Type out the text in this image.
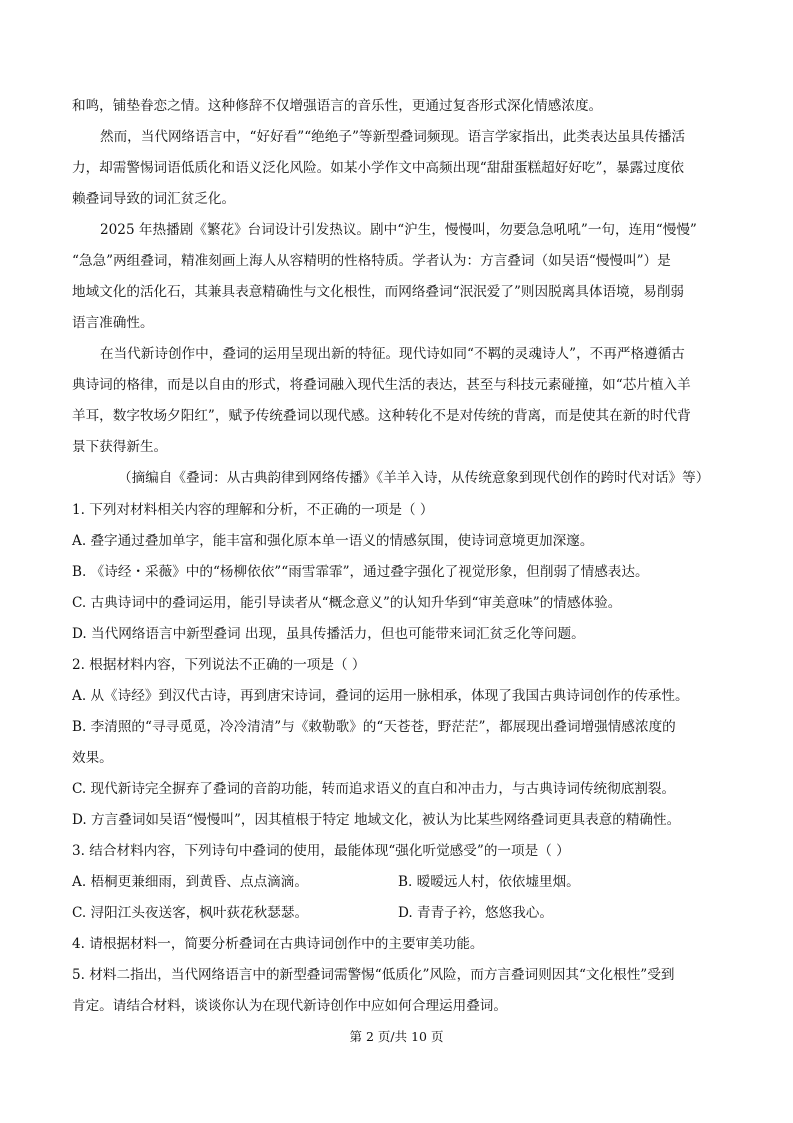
和鸣，铺垫眷恋之情。这种修辞不仅增强语言的音乐性，更通过复沓形式深化情感浓度。
然而，当代网络语言中，“好好看”“绝绝子”等新型叠词频现。语言学家指出，此类表达虽具传播活
力，却需警惕词语低质化和语义泛化风险。如某小学作文中高频出现“甜甜蛋糕超好好吃”，暴露过度依
赖叠词导致的词汇贫乏化。
2025 年热播剧《繁花》台词设计引发热议。剧中“沪生，慢慢叫，勿要急急吼吼”一句，连用“慢慢”
“急急”两组叠词，精准刻画上海人从容精明的性格特质。学者认为：方言叠词（如吴语“慢慢叫”）是
地域文化的活化石，其兼具表意精确性与文化根性，而网络叠词“泯泯爱了”则因脱离具体语境，易削弱
语言准确性。
在当代新诗创作中，叠词的运用呈现出新的特征。现代诗如同“不羁的灵魂诗人”，不再严格遵循古
典诗词的格律，而是以自由的形式，将叠词融入现代生活的表达，甚至与科技元素碰撞，如“芯片植入羊
羊耳，数字牧场夕阳红”，赋予传统叠词以现代感。这种转化不是对传统的背离，而是使其在新的时代背
景下获得新生。
（摘编自《叠词：从古典韵律到网络传播》《羊羊入诗，从传统意象到现代创作的跨时代对话》等）
1. 下列对材料相关内容的理解和分析，不正确的一项是（ ）
A. 叠字通过叠加单字，能丰富和强化原本单一语义的情感氛围，使诗词意境更加深邃。
B. 《诗经・采薇》中的“杨柳依依”“雨雪霏霏”，通过叠字强化了视觉形象，但削弱了情感表达。
C. 古典诗词中的叠词运用，能引导读者从“概念意义”的认知升华到“审美意味”的情感体验。
D. 当代网络语言中新型叠词 出现，虽具传播活力，但也可能带来词汇贫乏化等问题。
2. 根据材料内容，下列说法不正确的一项是（ ）
A. 从《诗经》到汉代古诗，再到唐宋诗词，叠词的运用一脉相承，体现了我国古典诗词创作的传承性。
B. 李清照的“寻寻觅觅，冷冷清清”与《敕勒歌》的“天苍苍，野茫茫”，都展现出叠词增强情感浓度的
效果。
C. 现代新诗完全摒弃了叠词的音韵功能，转而追求语义的直白和冲击力，与古典诗词传统彻底割裂。
D. 方言叠词如吴语“慢慢叫”，因其植根于特定 地域文化，被认为比某些网络叠词更具表意的精确性。
3. 结合材料内容，下列诗句中叠词的使用，最能体现“强化听觉感受”的一项是（ ）
A. 梧桐更兼细雨，到黄昏、点点滴滴。	B. 暧暧远人村，依依墟里烟。
C. 浔阳江头夜送客，枫叶荻花秋瑟瑟。	D. 青青子衿，悠悠我心。
4. 请根据材料一，简要分析叠词在古典诗词创作中的主要审美功能。
5. 材料二指出，当代网络语言中的新型叠词需警惕“低质化”风险，而方言叠词则因其“文化根性”受到
肯定。请结合材料，谈谈你认为在现代新诗创作中应如何合理运用叠词。
第 2 页/共 10 页
